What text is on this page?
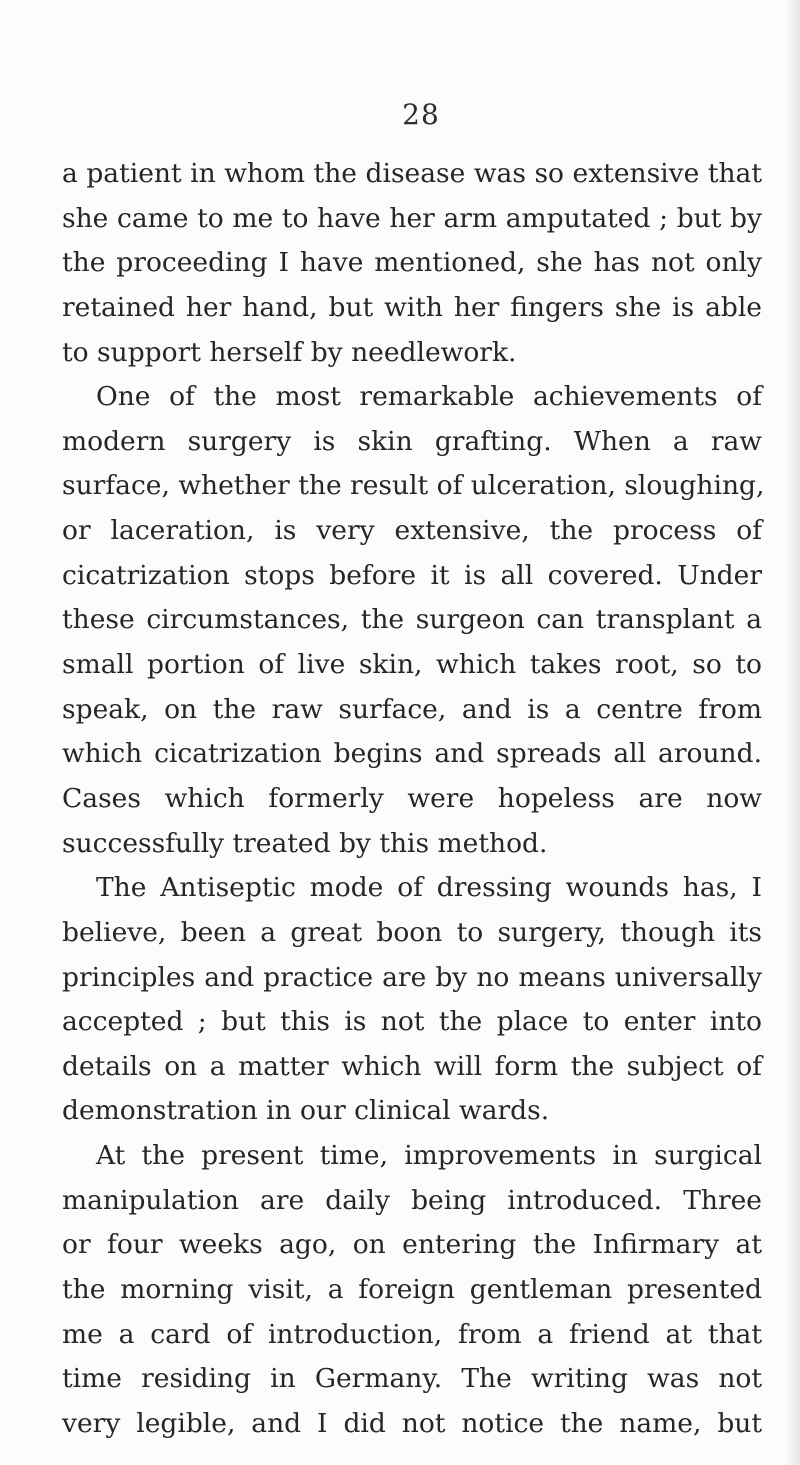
28
a patient in whom the disease was so extensive that
she came to me to have her arm amputated ; but by
the proceeding I have mentioned, she has not only
retained her hand, but with her fingers she is able
to support herself by needlework.
One of the most remarkable achievements of
modern surgery is skin grafting. When a raw
surface, whether the result of ulceration, sloughing,
or laceration, is very extensive, the process of
cicatrization stops before it is all covered. Under
these circumstances, the surgeon can transplant a
small portion of live skin, which takes root, so to
speak, on the raw surface, and is a centre from
which cicatrization begins and spreads all around.
Cases which formerly were hopeless are now
successfully treated by this method.
The Antiseptic mode of dressing wounds has, I
believe, been a great boon to surgery, though its
principles and practice are by no means universally
accepted ; but this is not the place to enter into
details on a matter which will form the subject of
demonstration in our clinical wards.
At the present time, improvements in surgical
manipulation are daily being introduced. Three
or four weeks ago, on entering the Infirmary at
the morning visit, a foreign gentleman presented
me a card of introduction, from a friend at that
time residing in Germany. The writing was not
very legible, and I did not notice the name, but
